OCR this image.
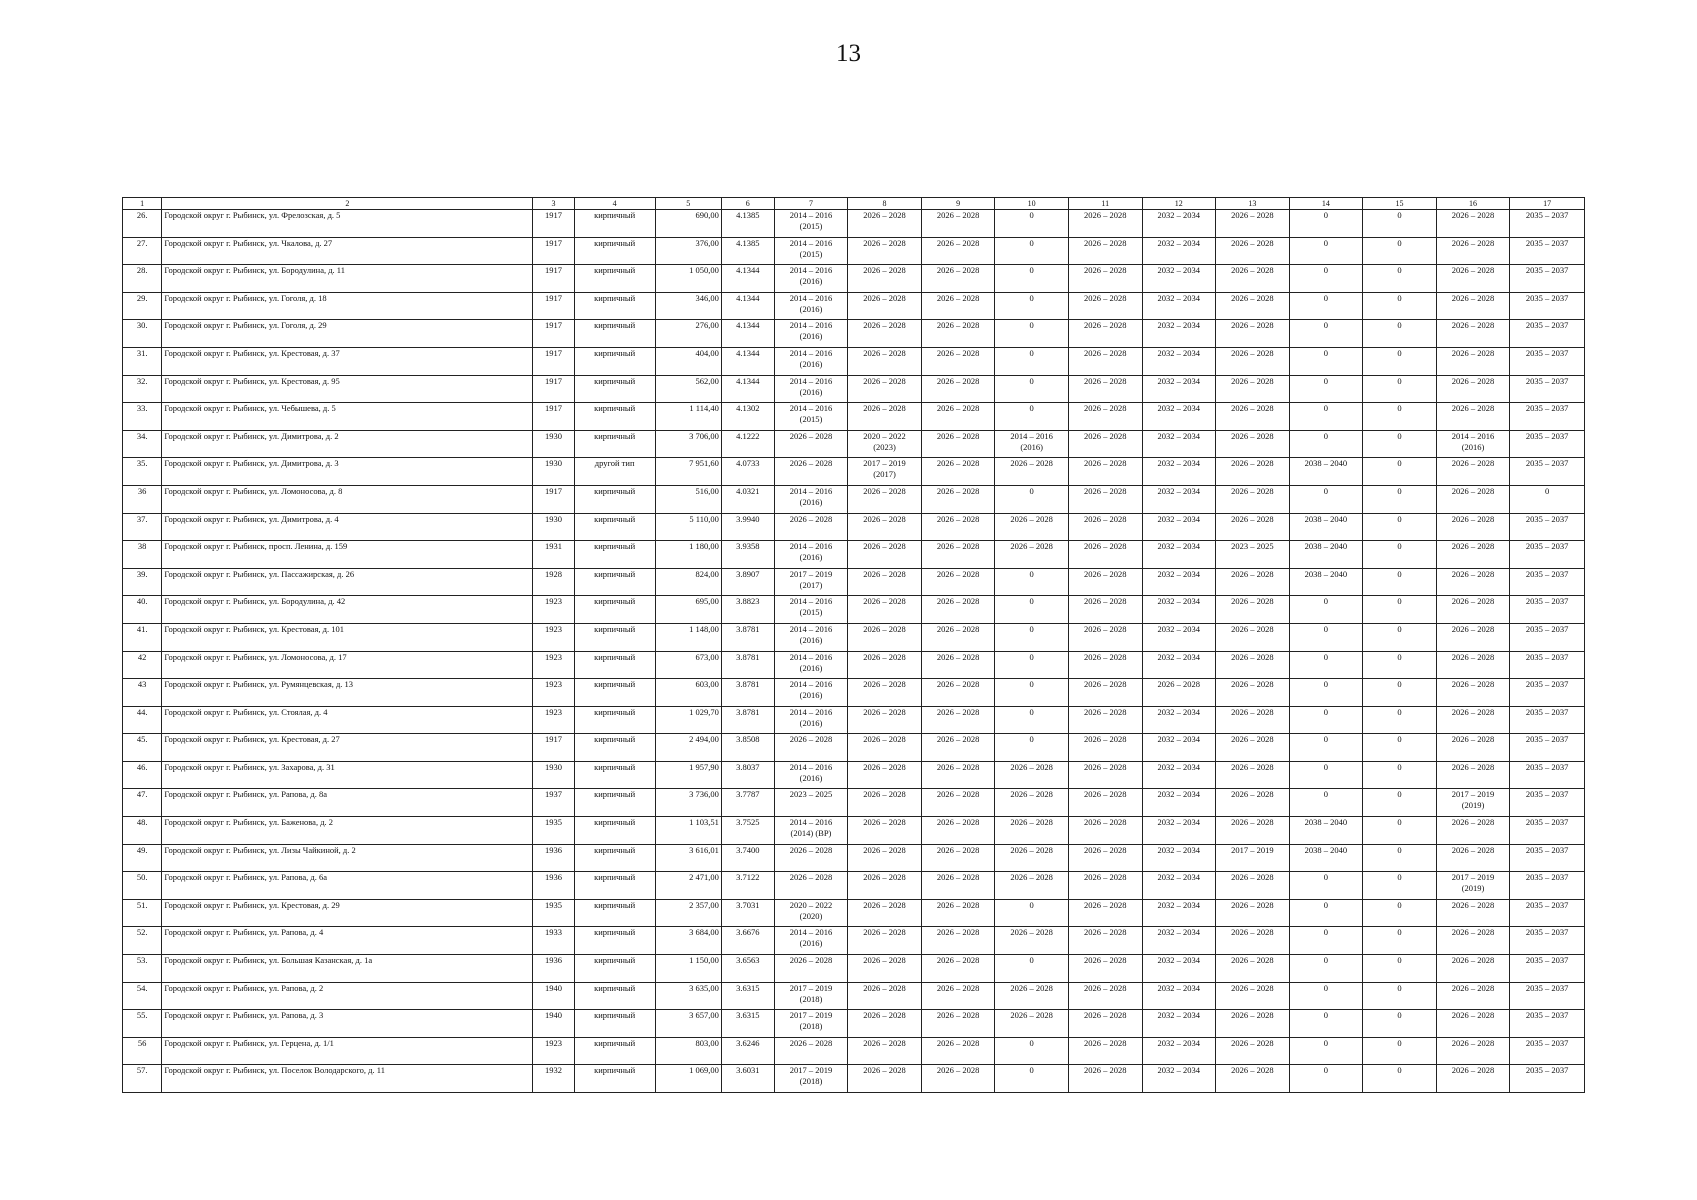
13
1	2	3	4	5	6	7	8	9	10	11	12	13	14	15	16	17

26.	Городской округ г. Рыбинск, ул. Фрелозская, д. 5	1917	кирпичный	690,00	4.1385	2014 – 2016
(2015)	2026 – 2028	2026 – 2028	0	2026 – 2028	2032 – 2034	2026 – 2028	0	0	2026 – 2028	2035 – 2037

27.	Городской округ г. Рыбинск, ул. Чкалова, д. 27	1917	кирпичный	376,00	4.1385	2014 – 2016
(2015)	2026 – 2028	2026 – 2028	0	2026 – 2028	2032 – 2034	2026 – 2028	0	0	2026 – 2028	2035 – 2037

28.	Городской округ г. Рыбинск, ул. Бородулина, д. 11	1917	кирпичный	1 050,00	4.1344	2014 – 2016
(2016)	2026 – 2028	2026 – 2028	0	2026 – 2028	2032 – 2034	2026 – 2028	0	0	2026 – 2028	2035 – 2037

29.	Городской округ г. Рыбинск, ул. Гоголя, д. 18	1917	кирпичный	346,00	4.1344	2014 – 2016
(2016)	2026 – 2028	2026 – 2028	0	2026 – 2028	2032 – 2034	2026 – 2028	0	0	2026 – 2028	2035 – 2037

30.	Городской округ г. Рыбинск, ул. Гоголя, д. 29	1917	кирпичный	276,00	4.1344	2014 – 2016
(2016)	2026 – 2028	2026 – 2028	0	2026 – 2028	2032 – 2034	2026 – 2028	0	0	2026 – 2028	2035 – 2037

31.	Городской округ г. Рыбинск, ул. Крестовая, д. 37	1917	кирпичный	404,00	4.1344	2014 – 2016
(2016)	2026 – 2028	2026 – 2028	0	2026 – 2028	2032 – 2034	2026 – 2028	0	0	2026 – 2028	2035 – 2037

32.	Городской округ г. Рыбинск, ул. Крестовая, д. 95	1917	кирпичный	562,00	4.1344	2014 – 2016
(2016)	2026 – 2028	2026 – 2028	0	2026 – 2028	2032 – 2034	2026 – 2028	0	0	2026 – 2028	2035 – 2037

33.	Городской округ г. Рыбинск, ул. Чебышева, д. 5	1917	кирпичный	1 114,40	4.1302	2014 – 2016
(2015)	2026 – 2028	2026 – 2028	0	2026 – 2028	2032 – 2034	2026 – 2028	0	0	2026 – 2028	2035 – 2037

34.	Городской округ г. Рыбинск, ул. Димитрова, д. 2	1930	кирпичный	3 706,00	4.1222	2026 – 2028	2020 – 2022
(2023)	2026 – 2028	2014 – 2016
(2016)	2026 – 2028	2032 – 2034	2026 – 2028	0	0	2014 – 2016
(2016)	2035 – 2037

35.	Городской округ г. Рыбинск, ул. Димитрова, д. 3	1930	другой тип	7 951,60	4.0733	2026 – 2028	2017 – 2019
(2017)	2026 – 2028	2026 – 2028	2026 – 2028	2032 – 2034	2026 – 2028	2038 – 2040	0	2026 – 2028	2035 – 2037

36	Городской округ г. Рыбинск, ул. Ломоносова, д. 8	1917	кирпичный	516,00	4.0321	2014 – 2016
(2016)	2026 – 2028	2026 – 2028	0	2026 – 2028	2032 – 2034	2026 – 2028	0	0	2026 – 2028	0

37.	Городской округ г. Рыбинск, ул. Димитрова, д. 4	1930	кирпичный	5 110,00	3.9940	2026 – 2028	2026 – 2028	2026 – 2028	2026 – 2028	2026 – 2028	2032 – 2034	2026 – 2028	2038 – 2040	0	2026 – 2028	2035 – 2037

38	Городской округ г. Рыбинск, просп. Ленина, д. 159	1931	кирпичный	1 180,00	3.9358	2014 – 2016
(2016)	2026 – 2028	2026 – 2028	2026 – 2028	2026 – 2028	2032 – 2034	2023 – 2025	2038 – 2040	0	2026 – 2028	2035 – 2037

39.	Городской округ г. Рыбинск, ул. Пассажирская, д. 26	1928	кирпичный	824,00	3.8907	2017 – 2019
(2017)	2026 – 2028	2026 – 2028	0	2026 – 2028	2032 – 2034	2026 – 2028	2038 – 2040	0	2026 – 2028	2035 – 2037

40.	Городской округ г. Рыбинск, ул. Бородулина, д. 42	1923	кирпичный	695,00	3.8823	2014 – 2016
(2015)	2026 – 2028	2026 – 2028	0	2026 – 2028	2032 – 2034	2026 – 2028	0	0	2026 – 2028	2035 – 2037

41.	Городской округ г. Рыбинск, ул. Крестовая, д. 101	1923	кирпичный	1 148,00	3.8781	2014 – 2016
(2016)	2026 – 2028	2026 – 2028	0	2026 – 2028	2032 – 2034	2026 – 2028	0	0	2026 – 2028	2035 – 2037

42	Городской округ г. Рыбинск, ул. Ломоносова, д. 17	1923	кирпичный	673,00	3.8781	2014 – 2016
(2016)	2026 – 2028	2026 – 2028	0	2026 – 2028	2032 – 2034	2026 – 2028	0	0	2026 – 2028	2035 – 2037

43	Городской округ г. Рыбинск, ул. Румянцевская, д. 13	1923	кирпичный	603,00	3.8781	2014 – 2016
(2016)	2026 – 2028	2026 – 2028	0	2026 – 2028	2026 – 2028	2026 – 2028	0	0	2026 – 2028	2035 – 2037

44.	Городской округ г. Рыбинск, ул. Стоялая, д. 4	1923	кирпичный	1 029,70	3.8781	2014 – 2016
(2016)	2026 – 2028	2026 – 2028	0	2026 – 2028	2032 – 2034	2026 – 2028	0	0	2026 – 2028	2035 – 2037

45.	Городской округ г. Рыбинск, ул. Крестовая, д. 27	1917	кирпичный	2 494,00	3.8508	2026 – 2028	2026 – 2028	2026 – 2028	0	2026 – 2028	2032 – 2034	2026 – 2028	0	0	2026 – 2028	2035 – 2037

46.	Городской округ г. Рыбинск, ул. Захарова, д. 31	1930	кирпичный	1 957,90	3.8037	2014 – 2016
(2016)	2026 – 2028	2026 – 2028	2026 – 2028	2026 – 2028	2032 – 2034	2026 – 2028	0	0	2026 – 2028	2035 – 2037

47.	Городской округ г. Рыбинск, ул. Рапова, д. 8а	1937	кирпичный	3 736,00	3.7787	2023 – 2025	2026 – 2028	2026 – 2028	2026 – 2028	2026 – 2028	2032 – 2034	2026 – 2028	0	0	2017 – 2019
(2019)	2035 – 2037

48.	Городской округ г. Рыбинск, ул. Баженова, д. 2	1935	кирпичный	1 103,51	3.7525	2014 – 2016
(2014) (ВР)	2026 – 2028	2026 – 2028	2026 – 2028	2026 – 2028	2032 – 2034	2026 – 2028	2038 – 2040	0	2026 – 2028	2035 – 2037

49.	Городской округ г. Рыбинск, ул. Лизы Чайкиной, д. 2	1936	кирпичный	3 616,01	3.7400	2026 – 2028	2026 – 2028	2026 – 2028	2026 – 2028	2026 – 2028	2032 – 2034	2017 – 2019	2038 – 2040	0	2026 – 2028	2035 – 2037

50.	Городской округ г. Рыбинск, ул. Рапова, д. 6а	1936	кирпичный	2 471,00	3.7122	2026 – 2028	2026 – 2028	2026 – 2028	2026 – 2028	2026 – 2028	2032 – 2034	2026 – 2028	0	0	2017 – 2019
(2019)	2035 – 2037

51.	Городской округ г. Рыбинск, ул. Крестовая, д. 29	1935	кирпичный	2 357,00	3.7031	2020 – 2022
(2020)	2026 – 2028	2026 – 2028	0	2026 – 2028	2032 – 2034	2026 – 2028	0	0	2026 – 2028	2035 – 2037

52.	Городской округ г. Рыбинск, ул. Рапова, д. 4	1933	кирпичный	3 684,00	3.6676	2014 – 2016
(2016)	2026 – 2028	2026 – 2028	2026 – 2028	2026 – 2028	2032 – 2034	2026 – 2028	0	0	2026 – 2028	2035 – 2037

53.	Городской округ г. Рыбинск, ул. Большая Казанская, д. 1а	1936	кирпичный	1 150,00	3.6563	2026 – 2028	2026 – 2028	2026 – 2028	0	2026 – 2028	2032 – 2034	2026 – 2028	0	0	2026 – 2028	2035 – 2037

54.	Городской округ г. Рыбинск, ул. Рапова, д. 2	1940	кирпичный	3 635,00	3.6315	2017 – 2019
(2018)	2026 – 2028	2026 – 2028	2026 – 2028	2026 – 2028	2032 – 2034	2026 – 2028	0	0	2026 – 2028	2035 – 2037

55.	Городской округ г. Рыбинск, ул. Рапова, д. 3	1940	кирпичный	3 657,00	3.6315	2017 – 2019
(2018)	2026 – 2028	2026 – 2028	2026 – 2028	2026 – 2028	2032 – 2034	2026 – 2028	0	0	2026 – 2028	2035 – 2037

56	Городской округ г. Рыбинск, ул. Герцена, д. 1/1	1923	кирпичный	803,00	3.6246	2026 – 2028	2026 – 2028	2026 – 2028	0	2026 – 2028	2032 – 2034	2026 – 2028	0	0	2026 – 2028	2035 – 2037

57.	Городской округ г. Рыбинск, ул. Поселок Володарского, д. 11	1932	кирпичный	1 069,00	3.6031	2017 – 2019
(2018)	2026 – 2028	2026 – 2028	0	2026 – 2028	2032 – 2034	2026 – 2028	0	0	2026 – 2028	2035 – 2037
